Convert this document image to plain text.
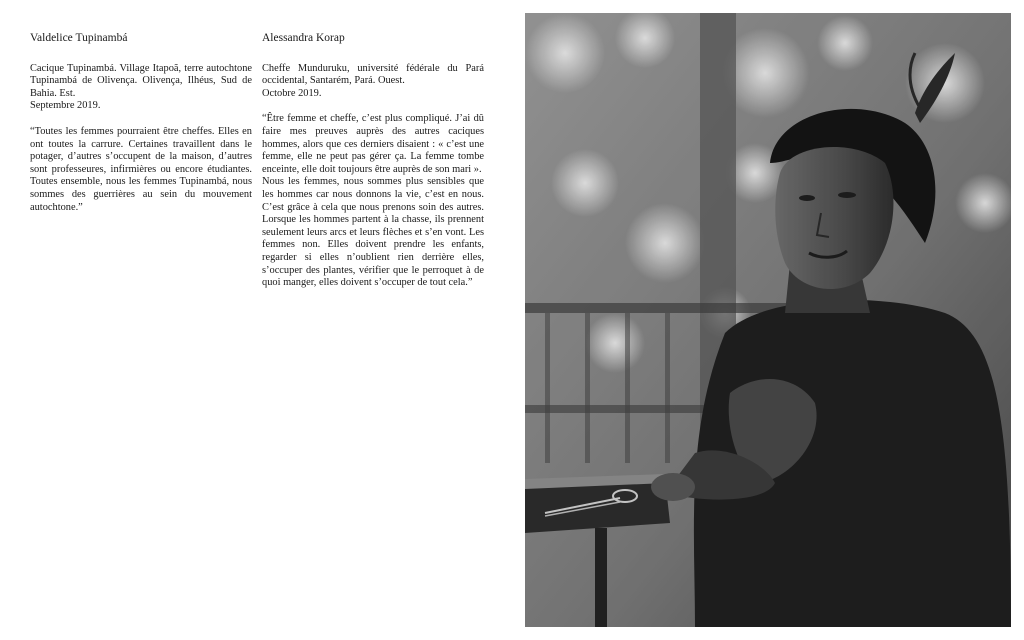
Valdelice Tupinambá

Cacique Tupinambá. Village Itapoã, terre autochtone Tupinambá de Olivença. Olivença, Ilhéus, Sud de Bahia. Est.
Septembre 2019.

“Toutes les femmes pourraient être cheffes. Elles en ont toutes la carrure. Certaines travaillent dans le potager, d’autres s’occupent de la maison, d’autres sont professeures, infirmières ou encore étudiantes. Toutes ensemble, nous les femmes Tupinambá, nous sommes des guerrières au sein du mouvement autochtone.”

Alessandra Korap

Cheffe Munduruku, université fédérale du Pará occidental, Santarém, Pará. Ouest.
Octobre 2019.

“Être femme et cheffe, c’est plus compliqué. J’ai dû faire mes preuves auprès des autres caciques hommes, alors que ces derniers disaient : « c’est une femme, elle ne peut pas gérer ça. La femme tombe enceinte, elle doit toujours être auprès de son mari ».
Nous les femmes, nous sommes plus sensibles que les hommes car nous donnons la vie, c’est en nous. C’est grâce à cela que nous prenons soin des autres. Lorsque les hommes partent à la chasse, ils prennent seulement leurs arcs et leurs flèches et s’en vont. Les femmes non. Elles doivent prendre les enfants, regarder si elles n’oublient rien derrière elles, s’occuper des plantes, vérifier que le perroquet à de quoi manger, elles doivent s’occuper de tout cela.”
